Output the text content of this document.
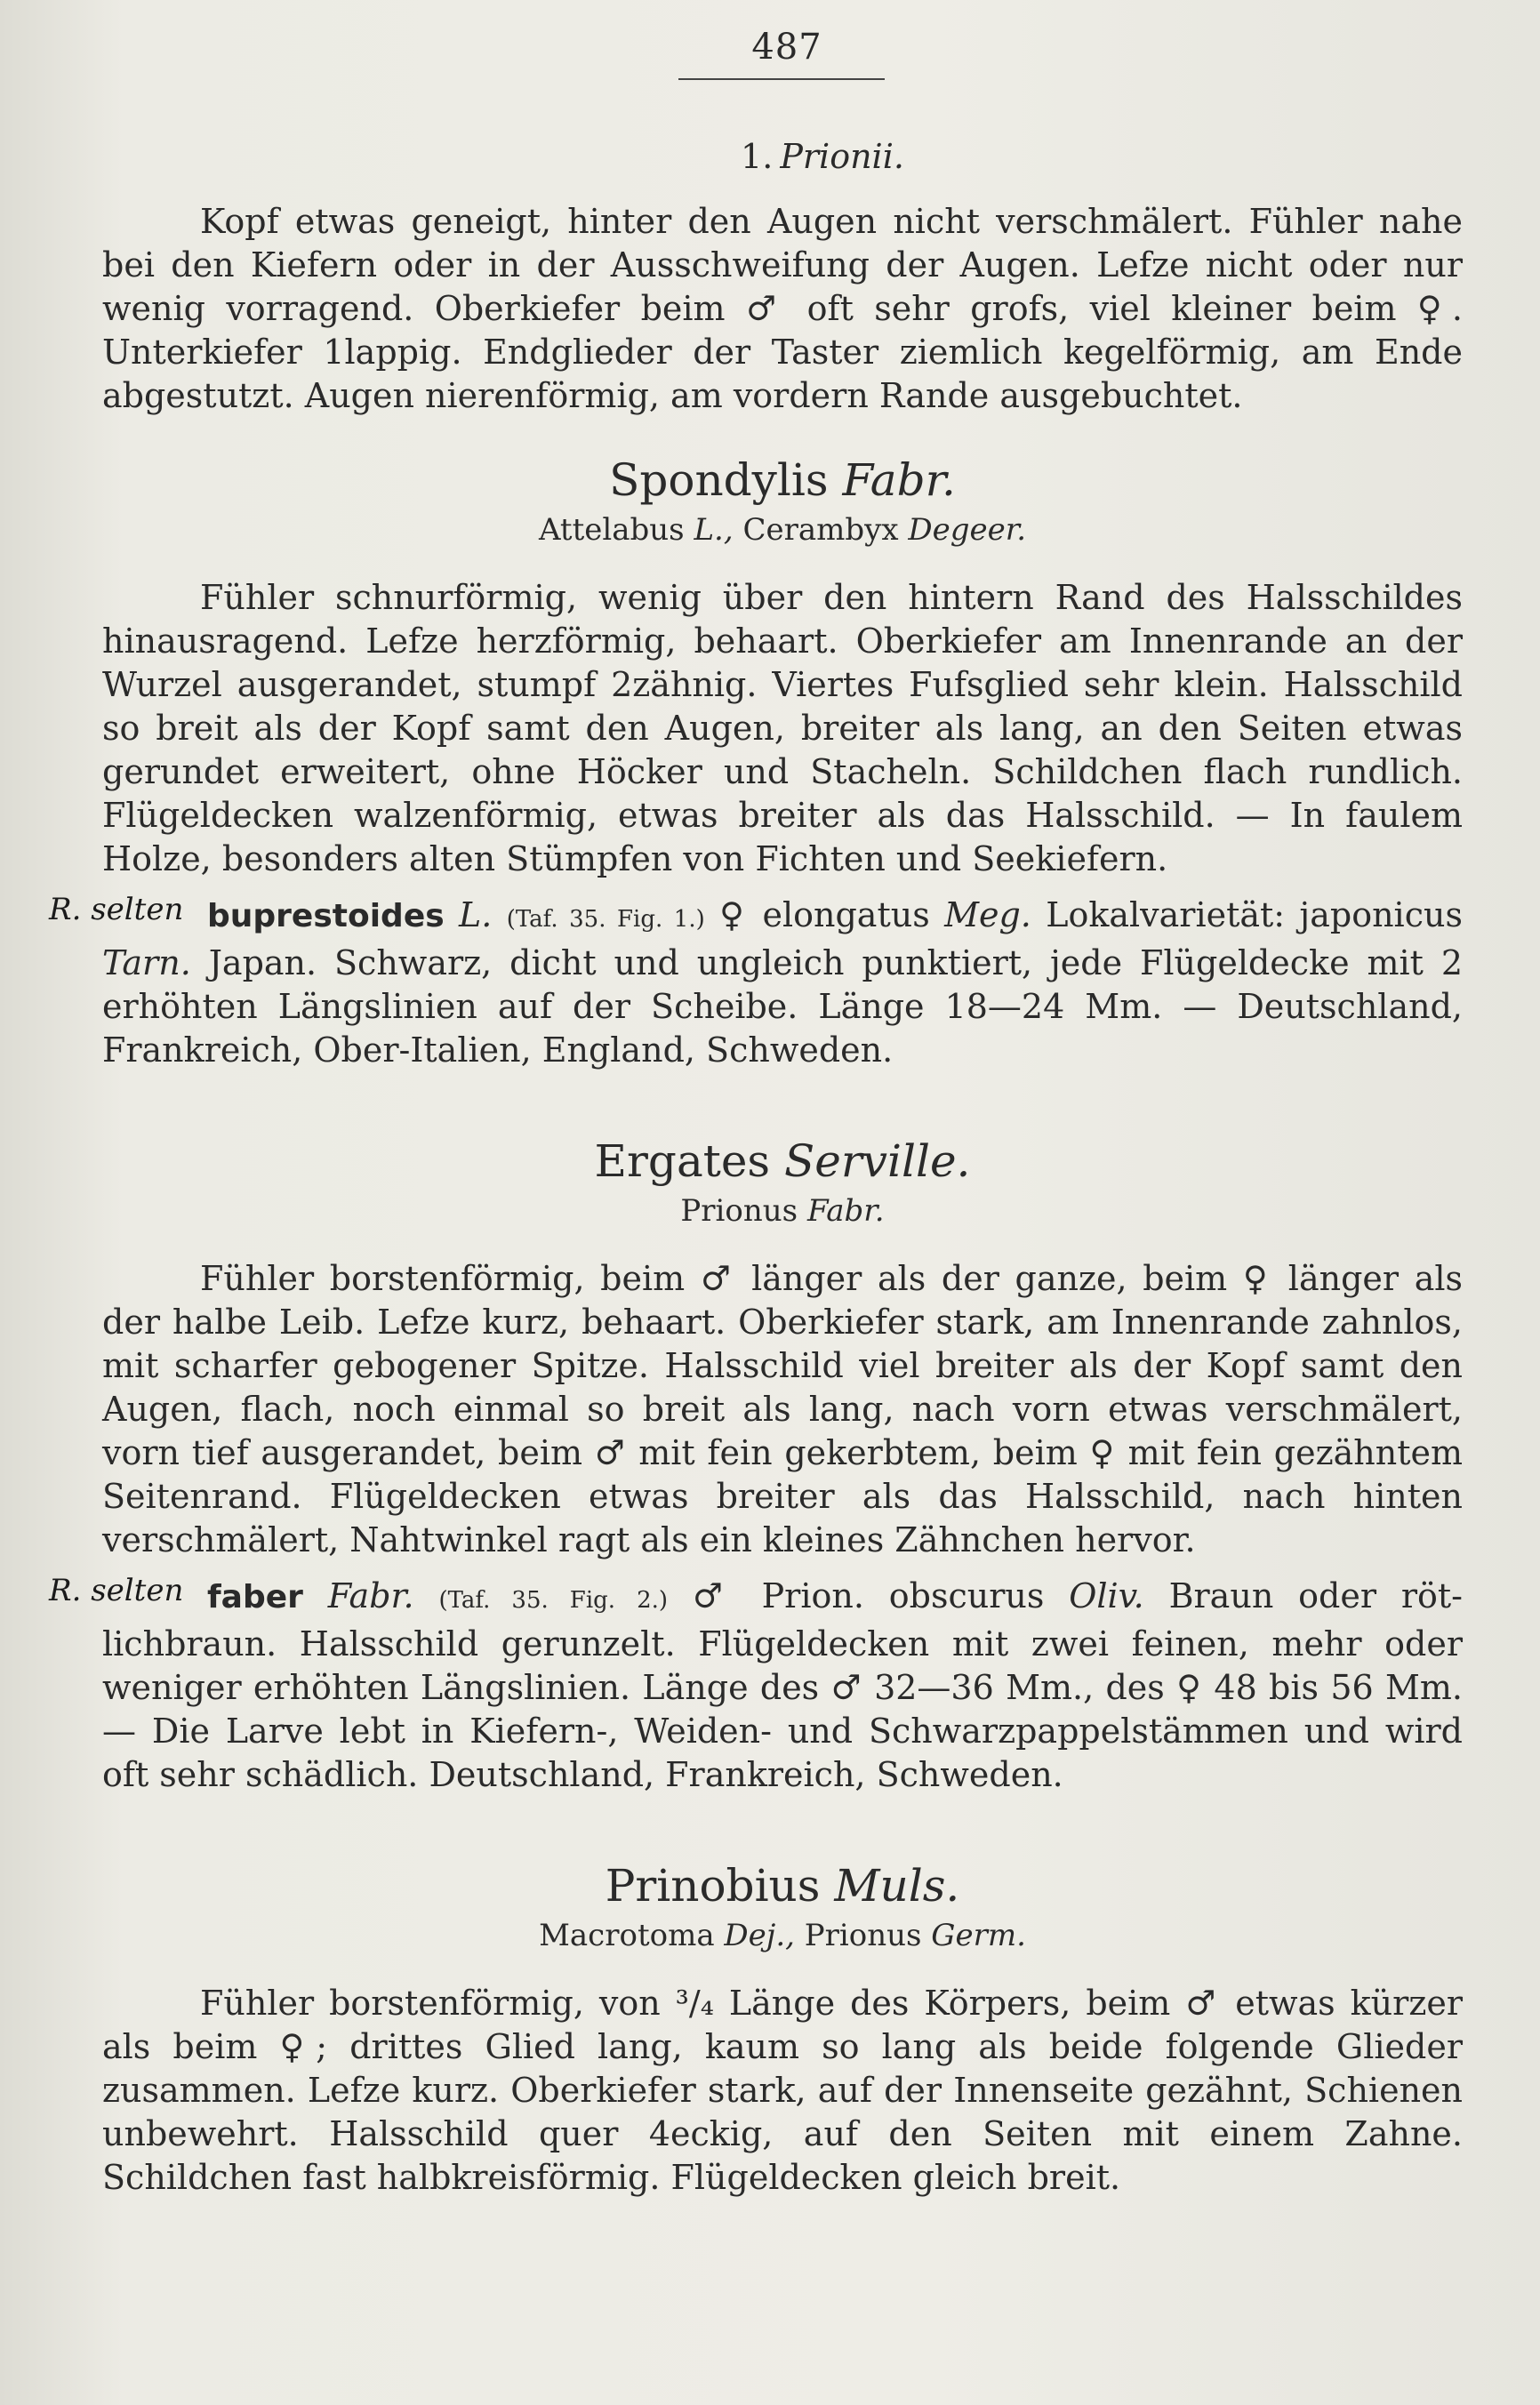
487
1. Prionii.

Kopf etwas geneigt, hinter den Augen nicht verschmälert. Fühler nahe bei den Kiefern oder in der Ausschweifung der Augen. Lefze nicht oder nur wenig vorragend. Oberkiefer beim ♂ oft sehr grofs, viel kleiner beim ♀. Unterkiefer 1lappig. Endglieder der Taster ziemlich kegelförmig, am Ende abgestutzt. Augen nierenförmig, am vordern Rande ausgebuchtet.

Spondylis Fabr.
Attelabus L., Cerambyx Degeer.

Fühler schnurförmig, wenig über den hintern Rand des Halsschildes hinausragend. Lefze herzförmig, behaart. Oberkiefer am Innenrande an der Wurzel ausgerandet, stumpf 2zähnig. Viertes Fufsglied sehr klein. Halsschild so breit als der Kopf samt den Augen, breiter als lang, an den Seiten etwas gerundet erweitert, ohne Höcker und Stacheln. Schildchen flach rundlich. Flügeldecken walzenförmig, etwas breiter als das Halsschild. — In faulem Holze, besonders alten Stümpfen von Fichten und Seekiefern.

R. selten buprestoides L. (Taf. 35. Fig. 1.) ♀ elongatus Meg. Lokalvarietät: japonicus Tarn. Japan. Schwarz, dicht und ungleich punktiert, jede Flügeldecke mit 2 erhöhten Längslinien auf der Scheibe. Länge 18—24 Mm. — Deutschland, Frankreich, Ober-Italien, England, Schweden.

Ergates Serville.
Prionus Fabr.

Fühler borstenförmig, beim ♂ länger als der ganze, beim ♀ länger als der halbe Leib. Lefze kurz, behaart. Oberkiefer stark, am Innenrande zahnlos, mit scharfer gebogener Spitze. Halsschild viel breiter als der Kopf samt den Augen, flach, noch einmal so breit als lang, nach vorn etwas verschmälert, vorn tief ausgerandet, beim ♂ mit fein gekerbtem, beim ♀ mit fein gezähntem Seitenrand. Flügeldecken etwas breiter als das Halsschild, nach hinten verschmälert, Nahtwinkel ragt als ein kleines Zähnchen hervor.

R. selten faber Fabr. (Taf. 35. Fig. 2.) ♂ Prion. obscurus Oliv. Braun oder röt- lichbraun. Halsschild gerunzelt. Flügeldecken mit zwei feinen, mehr oder weniger erhöhten Längslinien. Länge des ♂ 32—36 Mm., des ♀ 48 bis 56 Mm. — Die Larve lebt in Kiefern-, Weiden- und Schwarzpappelstämmen und wird oft sehr schädlich. Deutschland, Frankreich, Schweden.

Prinobius Muls.
Macrotoma Dej., Prionus Germ.

Fühler borstenförmig, von ³/₄ Länge des Körpers, beim ♂ etwas kürzer als beim ♀; drittes Glied lang, kaum so lang als beide folgende Glieder zusammen. Lefze kurz. Oberkiefer stark, auf der Innenseite gezähnt, Schienen unbewehrt. Halsschild quer 4eckig, auf den Seiten mit einem Zahne. Schildchen fast halbkreisförmig. Flügeldecken gleich breit.
